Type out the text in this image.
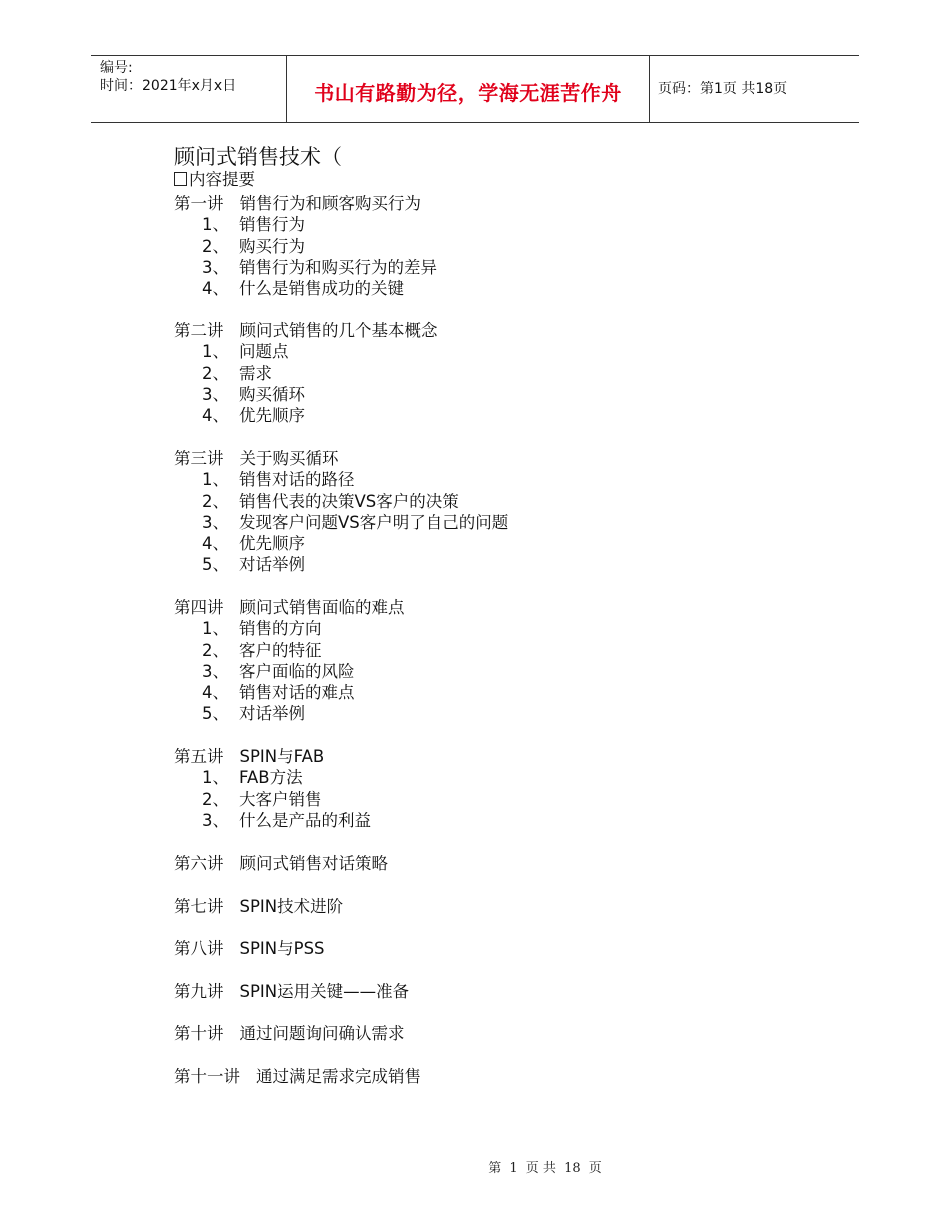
编号:
时间：2021年x月x日	书山有路勤为径，学海无涯苦作舟	页码：第1页 共18页
顾问式销售技术（
内容提要
第一讲 销售行为和顾客购买行为
1、 销售行为
2、 购买行为
3、 销售行为和购买行为的差异
4、 什么是销售成功的关键
第二讲 顾问式销售的几个基本概念
1、 问题点
2、 需求
3、 购买循环
4、 优先顺序
第三讲 关于购买循环
1、 销售对话的路径
2、 销售代表的决策VS客户的决策
3、 发现客户问题VS客户明了自己的问题
4、 优先顺序
5、 对话举例
第四讲 顾问式销售面临的难点
1、 销售的方向
2、 客户的特征
3、 客户面临的风险
4、 销售对话的难点
5、 对话举例
第五讲 SPIN与FAB
1、 FAB方法
2、 大客户销售
3、 什么是产品的利益
第六讲 顾问式销售对话策略
第七讲 SPIN技术进阶
第八讲 SPIN与PSS
第九讲 SPIN运用关键——准备
第十讲 通过问题询问确认需求
第十一讲 通过满足需求完成销售
第 1 页 共 18 页
